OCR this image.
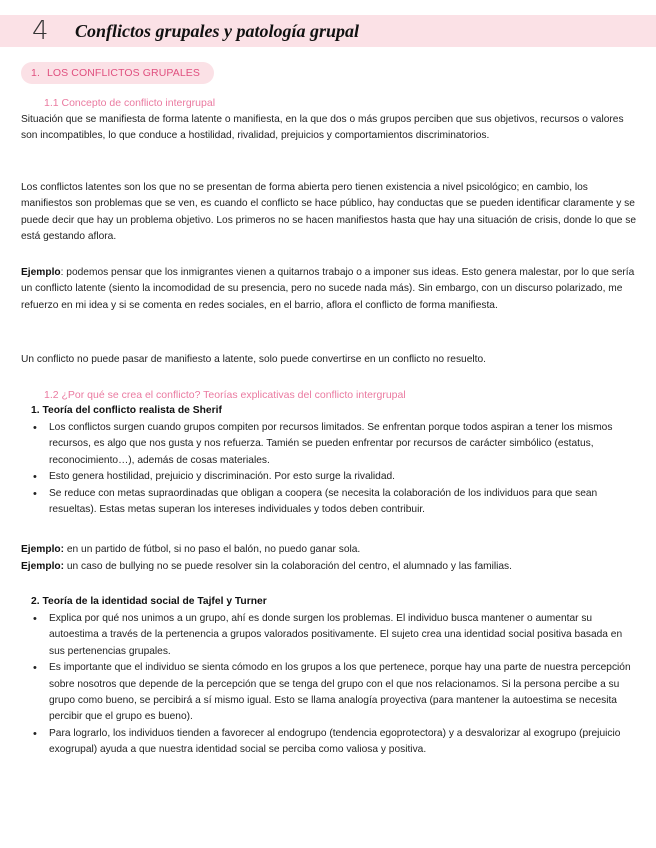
4 Conflictos grupales y patología grupal
1. LOS CONFLICTOS GRUPALES
1.1 Concepto de conflicto intergrupal

Situación que se manifiesta de forma latente o manifiesta, en la que dos o más grupos perciben que sus objetivos, recursos o valores son incompatibles, lo que conduce a hostilidad, rivalidad, prejuicios y comportamientos discriminatorios.

Los conflictos latentes son los que no se presentan de forma abierta pero tienen existencia a nivel psicológico; en cambio, los manifiestos son problemas que se ven, es cuando el conflicto se hace público, hay conductas que se pueden identificar claramente y se puede decir que hay un problema objetivo. Los primeros no se hacen manifiestos hasta que hay una situación de crisis, donde lo que se está gestando aflora.

Ejemplo: podemos pensar que los inmigrantes vienen a quitarnos trabajo o a imponer sus ideas. Esto genera malestar, por lo que sería un conflicto latente (siento la incomodidad de su presencia, pero no sucede nada más). Sin embargo, con un discurso polarizado, me refuerzo en mi idea y si se comenta en redes sociales, en el barrio, aflora el conflicto de forma manifiesta.

Un conflicto no puede pasar de manifiesto a latente, solo puede convertirse en un conflicto no resuelto.

1.2 ¿Por qué se crea el conflicto? Teorías explicativas del conflicto intergrupal
1. Teoría del conflicto realista de Sherif
• Los conflictos surgen cuando grupos compiten por recursos limitados. Se enfrentan porque todos aspiran a tener los mismos recursos, es algo que nos gusta y nos refuerza. Tamién se pueden enfrentar por recursos de carácter simbólico (estatus, reconocimiento…), además de cosas materiales.
• Esto genera hostilidad, prejuicio y discriminación. Por esto surge la rivalidad.
• Se reduce con metas supraordinadas que obligan a coopera (se necesita la colaboración de los individuos para que sean resueltas). Estas metas superan los intereses individuales y todos deben contribuir.
Ejemplo: en un partido de fútbol, si no paso el balón, no puedo ganar sola.
Ejemplo: un caso de bullying no se puede resolver sin la colaboración del centro, el alumnado y las familias.
2. Teoría de la identidad social de Tajfel y Turner
• Explica por qué nos unimos a un grupo, ahí es donde surgen los problemas. El individuo busca mantener o aumentar su autoestima a través de la pertenencia a grupos valorados positivamente. El sujeto crea una identidad social positiva basada en sus pertenencias grupales.
• Es importante que el individuo se sienta cómodo en los grupos a los que pertenece, porque hay una parte de nuestra percepción sobre nosotros que depende de la percepción que se tenga del grupo con el que nos relacionamos. Si la persona percibe a su grupo como bueno, se percibirá a sí mismo igual. Esto se llama analogía proyectiva (para mantener la autoestima se necesita percibir que el grupo es bueno).
• Para lograrlo, los individuos tienden a favorecer al endogrupo (tendencia egoprotectora) y a desvalorizar al exogrupo (prejuicio exogrupal) ayuda a que nuestra identidad social se perciba como valiosa y positiva.
